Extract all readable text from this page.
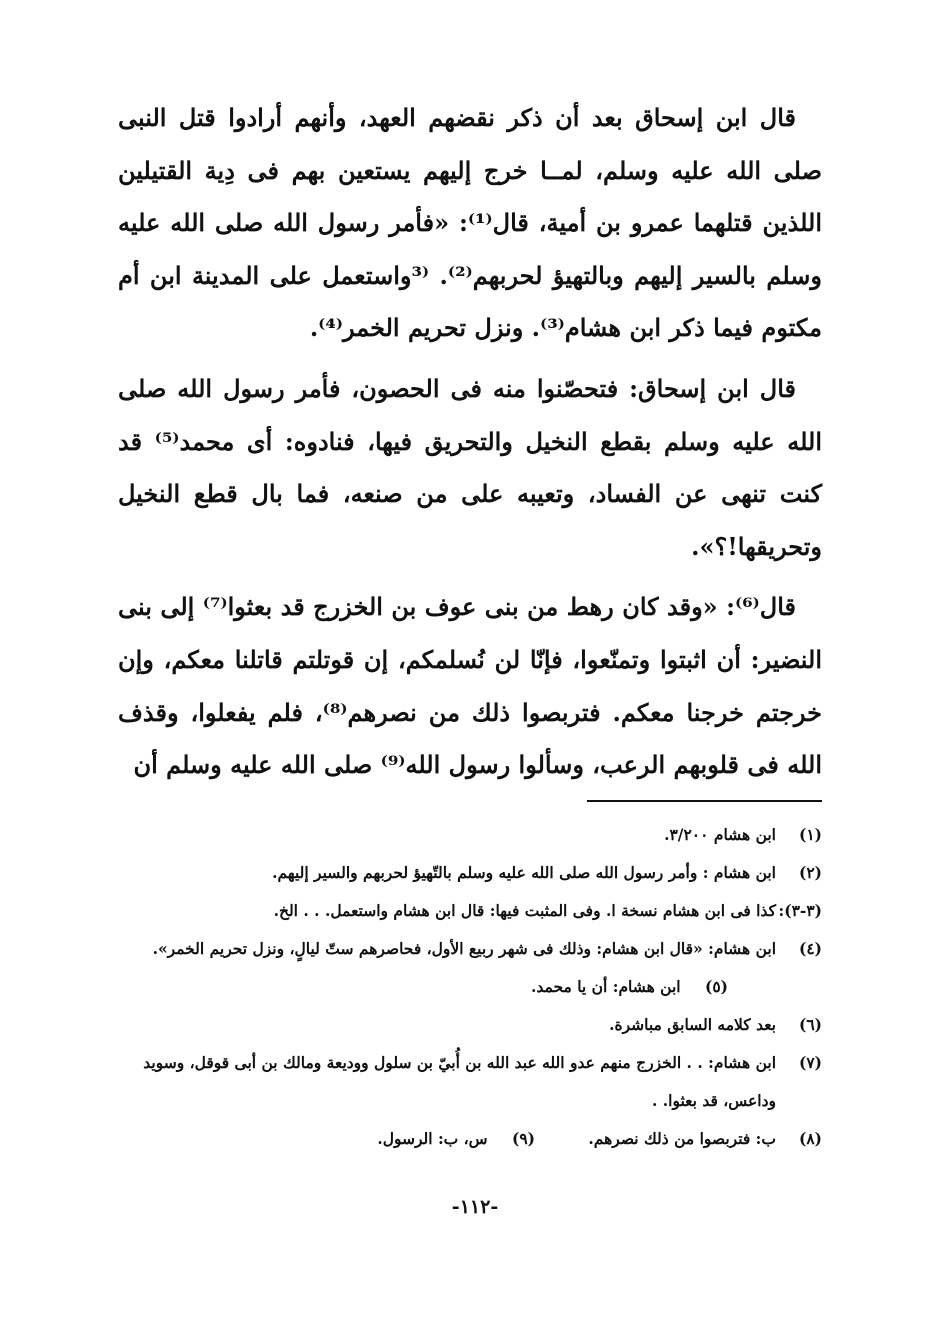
قال ابن إسحاق بعد أن ذكر نقضهم العهد، وأنهم أرادوا قتل النبى صلى الله عليه وسلم، لمــا خرج إليهم يستعين بهم فى دِية القتيلين اللذين قتلهما عمرو بن أمية، قال⁽¹⁾: «فأمر رسول الله صلى الله عليه وسلم بالسير إليهم وبالتهيؤ لحربهم⁽²⁾. ⁽³واستعمل على المدينة ابن أم مكتوم فيما ذكر ابن هشام⁽³⁾. ونزل تحريم الخمر⁽⁴⁾.

قال ابن إسحاق: فتحصّنوا منه فى الحصون، فأمر رسول الله صلى الله عليه وسلم بقطع النخيل والتحريق فيها، فنادوه: أى محمد⁽⁵⁾ قد كنت تنهى عن الفساد، وتعيبه على من صنعه، فما بال قطع النخيل وتحريقها!؟».

قال⁽⁶⁾: «وقد كان رهط من بنى عوف بن الخزرج قد بعثوا⁽⁷⁾ إلى بنى النضير: أن اثبتوا وتمنّعوا، فإنّا لن نُسلمكم، إن قوتلتم قاتلنا معكم، وإن خرجتم خرجنا معكم. فتربصوا ذلك من نصرهم⁽⁸⁾، فلم يفعلوا، وقذف الله فى قلوبهم الرعب، وسألوا رسول الله⁽⁹⁾ صلى الله عليه وسلم أن

(١)
ابن هشام ٣/٢٠٠.
(٢)
ابن هشام : وأمر رسول الله صلى الله عليه وسلم بالتّهيؤ لحربهم والسير إليهم.
(٣-٣):
كذا فى ابن هشام نسخة ا. وفى المثبت فيها: قال ابن هشام واستعمل. . . الخ.
(٤)
ابن هشام: «قال ابن هشام: وذلك فى شهر ربيع الأول، فحاصرهم ستّ ليالٍ، ونزل تحريم الخمر». (٥) ابن هشام: أن يا محمد.
(٦)
بعد كلامه السابق مباشرة.
(٧)
ابن هشام: . . الخزرج منهم عدو الله عبد الله بن أُبيّ بن سلول ووديعة ومالك بن أبى قوقل، وسويد وداعس، قد بعثوا. .
(٨)
ب: فتربصوا من ذلك نصرهم. (٩) س، ب: الرسول.
-١١٢-
